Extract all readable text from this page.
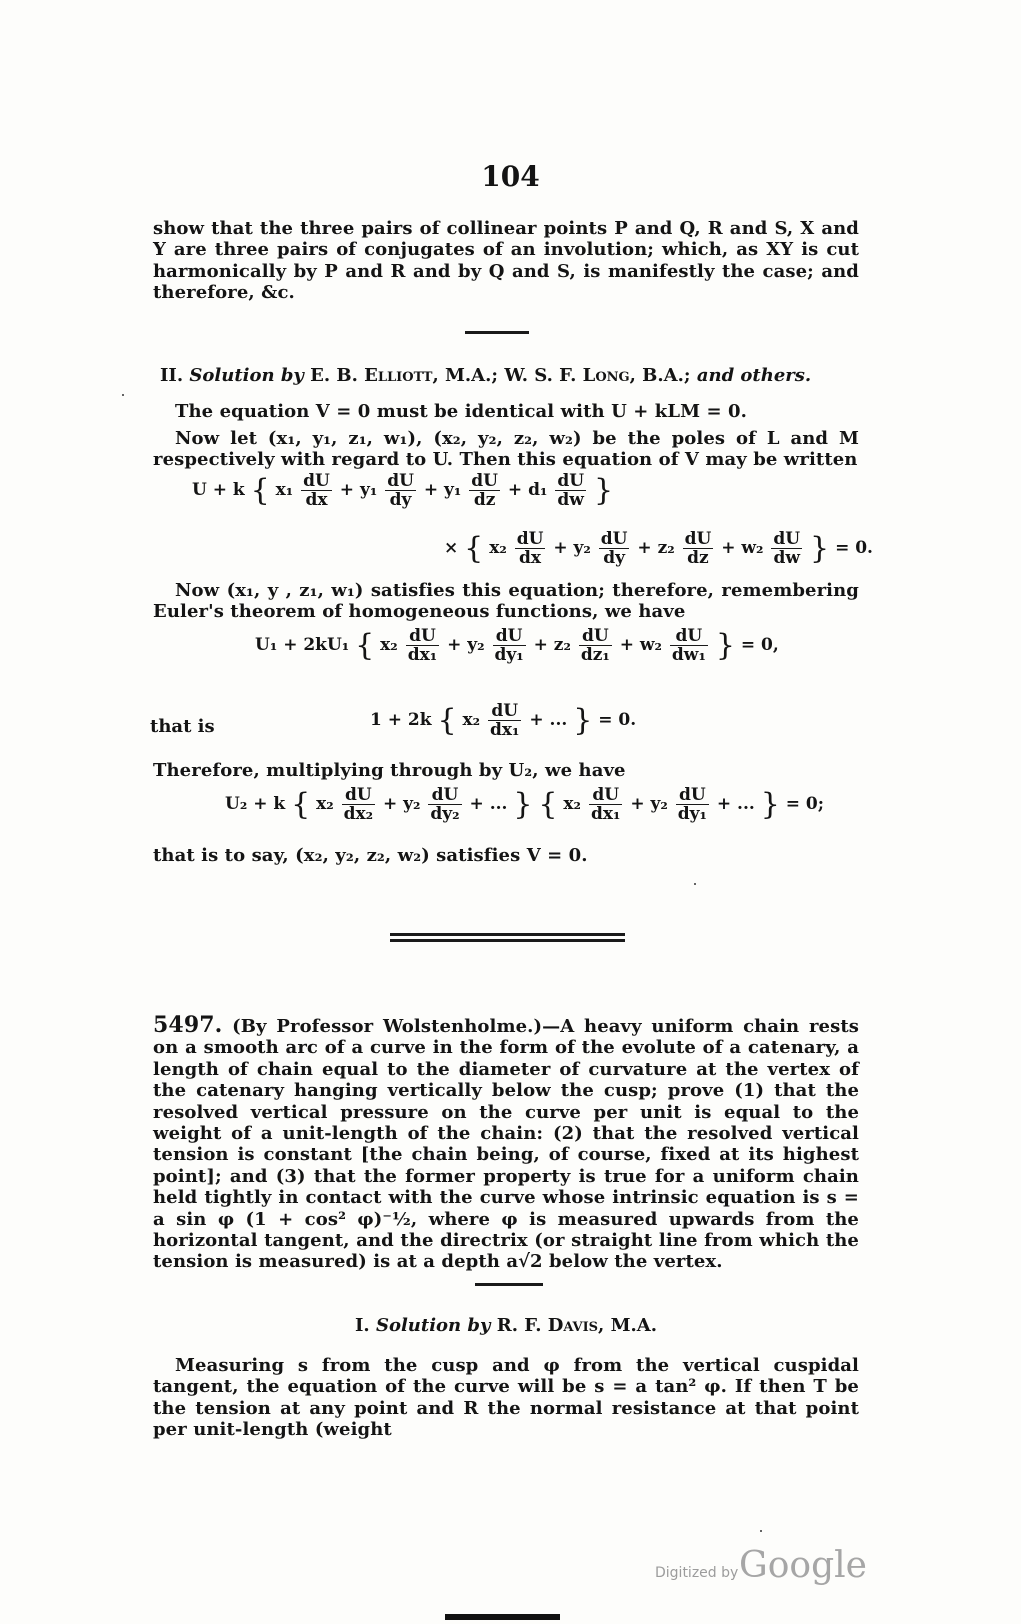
104
show that the three pairs of collinear points P and Q, R and S, X and Y are three pairs of conjugates of an involution; which, as XY is cut harmonically by P and R and by Q and S, is manifestly the case; and therefore, &c.
II. Solution by E. B. Elliott, M.A.; W. S. F. Long, B.A.; and others.
The equation V = 0 must be identical with U + kLM = 0.
Now let (x₁, y₁, z₁, w₁), (x₂, y₂, z₂, w₂) be the poles of L and M respectively with regard to U. Then this equation of V may be written
U + k { $x_1 \frac{dU}{dx} + y_1 \frac{dU}{dy} + y_1 \frac{dU}{dz} + d_1 \frac{dU}{dw}$ }
× { $x_2 \frac{dU}{dx} + y_2 \frac{dU}{dy} + z_2 \frac{dU}{dz} + w_2 \frac{dU}{dw}$ } = 0.
Now (x₁, y , z₁, w₁) satisfies this equation; therefore, remembering Euler's theorem of homogeneous functions, we have
U₁ + 2kU₁ { $x_2 \frac{dU}{\text{dx₁}} + y_2 \frac{dU}{\text{dy₁}} + z_2 \frac{dU}{\text{dz₁}} + w_2 \frac{dU}{\text{dw₁}}$ } = 0,
that is	1 + 2k { $x_2 \frac{dU}{\text{dx₁}}$ + ... } = 0.
Therefore, multiplying through by U₂, we have
U₂ + k { $x_2 \frac{dU}{\text{dx₂}} + y_2 \frac{dU}{\text{dy₂}}$ + ... } { $x_2 \frac{dU}{\text{dx₁}} + y_2 \frac{dU}{\text{dy₁}}$ + ... } = 0;
that is to say, (x₂, y₂, z₂, w₂) satisfies V = 0.
5497. (By Professor Wolstenholme.)—A heavy uniform chain rests on a smooth arc of a curve in the form of the evolute of a catenary, a length of chain equal to the diameter of curvature at the vertex of the catenary hanging vertically below the cusp; prove (1) that the resolved vertical pressure on the curve per unit is equal to the weight of a unit-length of the chain: (2) that the resolved vertical tension is constant [the chain being, of course, fixed at its highest point]; and (3) that the former property is true for a uniform chain held tightly in contact with the curve whose intrinsic equation is s = a sin φ (1 + cos² φ)⁻½, where φ is measured upwards from the horizontal tangent, and the directrix (or straight line from which the tension is measured) is at a depth a√2 below the vertex.
I. Solution by R. F. Davis, M.A.
Measuring s from the cusp and φ from the vertical cuspidal tangent, the equation of the curve will be s = a tan² φ. If then T be the tension at any point and R the normal resistance at that point per unit-length (weight
Digitized by Google
